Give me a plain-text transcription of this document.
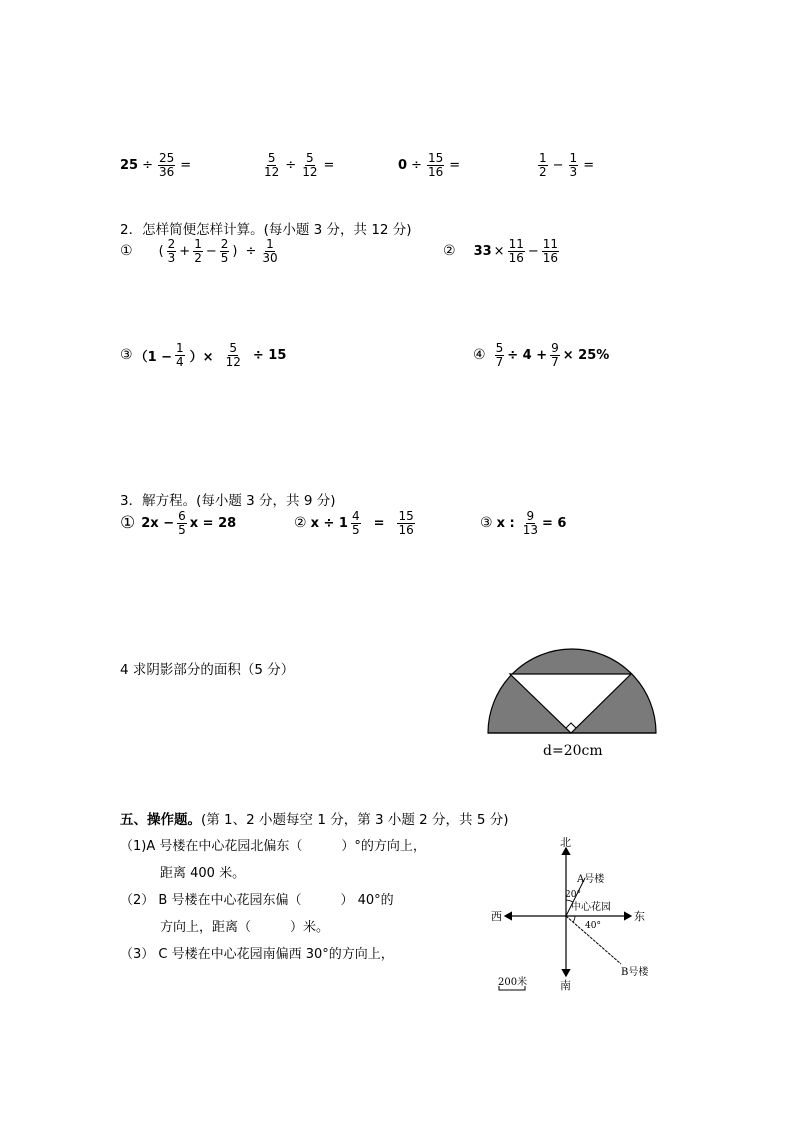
$25 \div \frac{25}{36}$ =	$\frac{5}{12} \div \frac{5}{12}$ =	$0 \div \frac{15}{16}$ =	$\frac{1}{2} - \frac{1}{3}$ =
2．怎样简便怎样计算。(每小题 3 分，共 12 分)
① ( $\frac{2}{3} + \frac{1}{2} - \frac{2}{5}$ ) ÷ $\frac{1}{30}$	② $33 \times \frac{11}{16} - \frac{11}{16}$
③ （$1 - \frac{1}{4}$ ）× $\frac{5}{12} \div 15$	④ $\frac{5}{7} \div 4 + \frac{9}{7} \times 25\%$
3．解方程。(每小题 3 分，共 9 分)
① $2x - \frac{6}{5}$ x = 28	② $x \div 1 \frac{4}{5} = \frac{15}{16}$	③ x : $\frac{9}{13} = 6$
4 求阴影部分的面积（5 分）
d=20cm
五、操作题。(第 1、2 小题每空 1 分，第 3 小题 2 分，共 5 分)
（1)A 号楼在中心花园北偏东（　　　）°的方向上，
距离 400 米。
（2） B 号楼在中心花园东偏（　　　） 40°的
方向上，距离（　　　）米。
（3） C 号楼在中心花园南偏西 30°的方向上，
北
南
东
西
A号楼
20°
中心花园
40°
B号楼
200米
